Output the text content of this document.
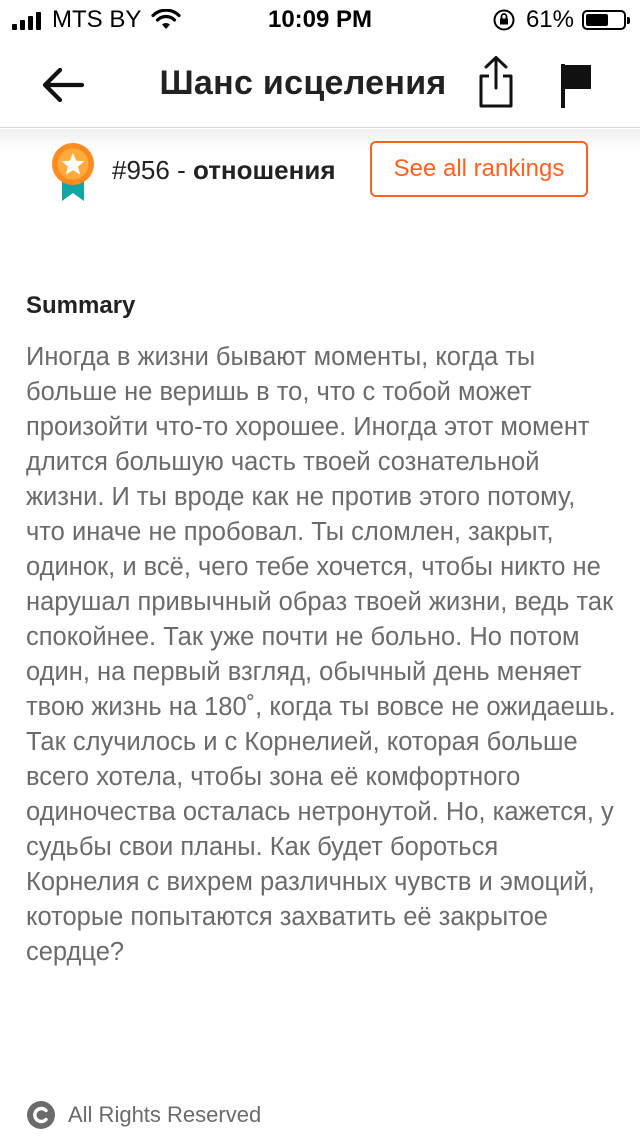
MTS BY	10:09 PM	61%
Шанс исцеления
#956 - отношения	See all rankings
Summary

Иногда в жизни бывают моменты, когда ты больше не веришь в то, что с тобой может произойти что-то хорошее. Иногда этот момент длится большую часть твоей сознательной жизни. И ты вроде как не против этого потому, что иначе не пробовал. Ты сломлен, закрыт, одинок, и всё, чего тебе хочется, чтобы никто не нарушал привычный образ твоей жизни, ведь так спокойнее. Так уже почти не больно. Но потом один, на первый взгляд, обычный день меняет твою жизнь на 180˚, когда ты вовсе не ожидаешь. Так случилось и с Корнелией, которая больше всего хотела, чтобы зона её комфортного одиночества осталась нетронутой. Но, кажется, у судьбы свои планы. Как будет бороться Корнелия с вихрем различных чувств и эмоций, которые попытаются захватить её закрытое сердце?

All Rights Reserved
